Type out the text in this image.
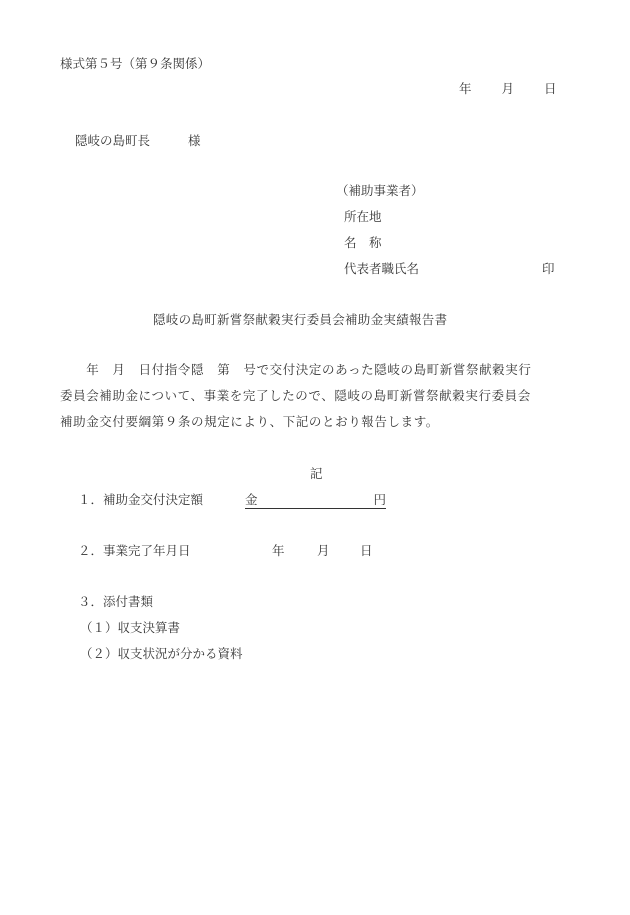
様式第５号（第９条関係）
年 月 日
隠岐の島町長	様
（補助事業者）
所在地
名　称
代表者職氏名	印
隠岐の島町新嘗祭献穀実行委員会補助金実績報告書
　　年　月　日付指令隠　第　号で交付決定のあった隠岐の島町新嘗祭献穀実行
委員会補助金について、事業を完了したので、隠岐の島町新嘗祭献穀実行委員会
補助金交付要綱第９条の規定により、下記のとおり報告します。
記
１．補助金交付決定額	金	円
２．事業完了年月日	年	月 日
３．添付書類
（１）収支決算書
（２）収支状況が分かる資料
